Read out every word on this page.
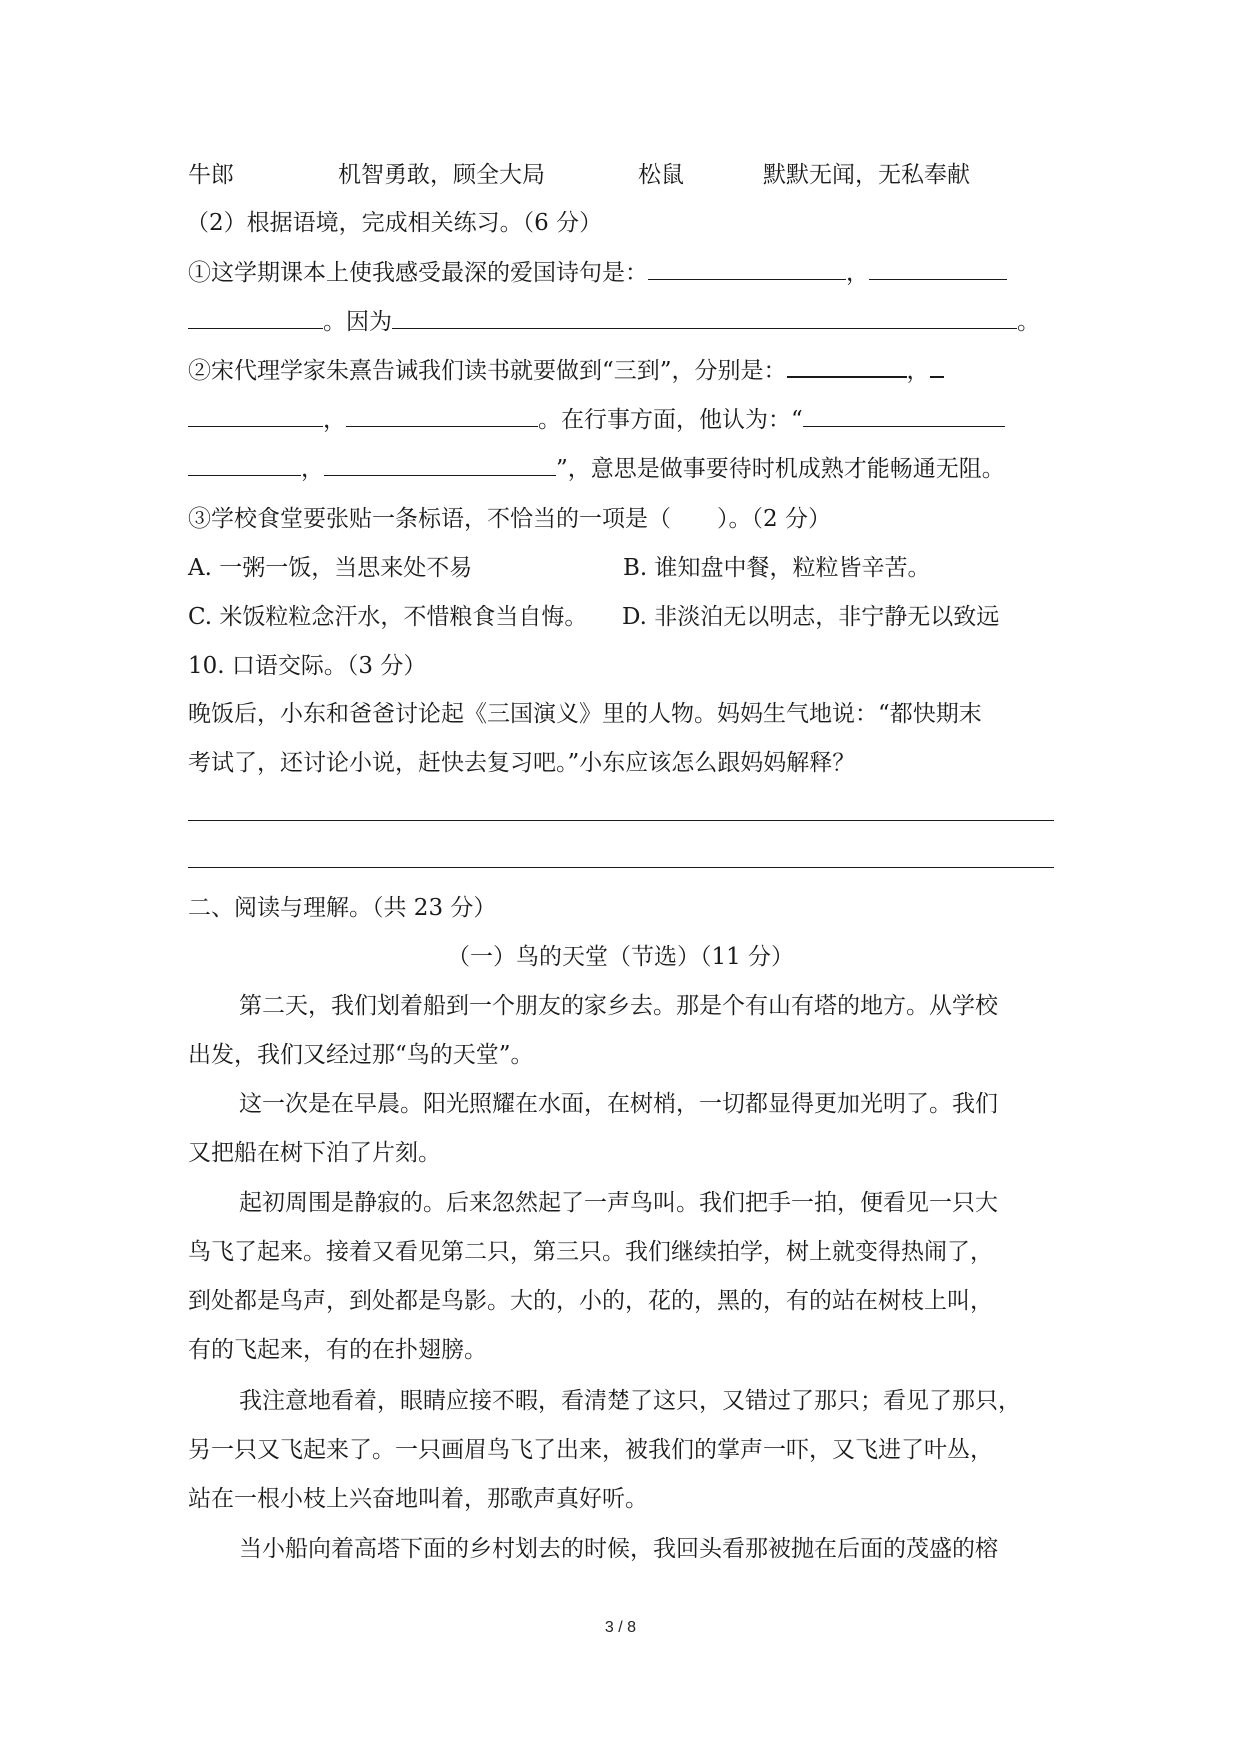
牛郎	机智勇敢，顾全大局	松鼠	默默无闻，无私奉献
（2）根据语境，完成相关练习。（6 分）
①这学期课本上使我感受最深的爱国诗句是：	，
。因为	。
②宋代理学家朱熹告诫我们读书就要做到“三到”，分别是：	，
，	。在行事方面，他认为：“
，	”，意思是做事要待时机成熟才能畅通无阻。
③学校食堂要张贴一条标语，不恰当的一项是（　　）。（2 分）
A. 一粥一饭，当思来处不易	B. 谁知盘中餐，粒粒皆辛苦。
C. 米饭粒粒念汗水，不惜粮食当自悔。 D. 非淡泊无以明志，非宁静无以致远
10. 口语交际。（3 分）
晚饭后，小东和爸爸讨论起《三国演义》里的人物。妈妈生气地说：“都快期末
考试了，还讨论小说，赶快去复习吧。”小东应该怎么跟妈妈解释？
二、阅读与理解。（共 23 分）
（一）鸟的天堂（节选）（11 分）
第二天，我们划着船到一个朋友的家乡去。那是个有山有塔的地方。从学校
出发，我们又经过那“鸟的天堂”。
这一次是在早晨。阳光照耀在水面，在树梢，一切都显得更加光明了。我们
又把船在树下泊了片刻。
起初周围是静寂的。后来忽然起了一声鸟叫。我们把手一拍，便看见一只大
鸟飞了起来。接着又看见第二只，第三只。我们继续拍学，树上就变得热闹了，
到处都是鸟声，到处都是鸟影。大的，小的，花的，黑的，有的站在树枝上叫，
有的飞起来，有的在扑翅膀。
我注意地看着，眼睛应接不暇，看清楚了这只，又错过了那只；看见了那只，
另一只又飞起来了。一只画眉鸟飞了出来，被我们的掌声一吓，又飞进了叶丛，
站在一根小枝上兴奋地叫着，那歌声真好听。
当小船向着高塔下面的乡村划去的时候，我回头看那被抛在后面的茂盛的榕
3 / 8
